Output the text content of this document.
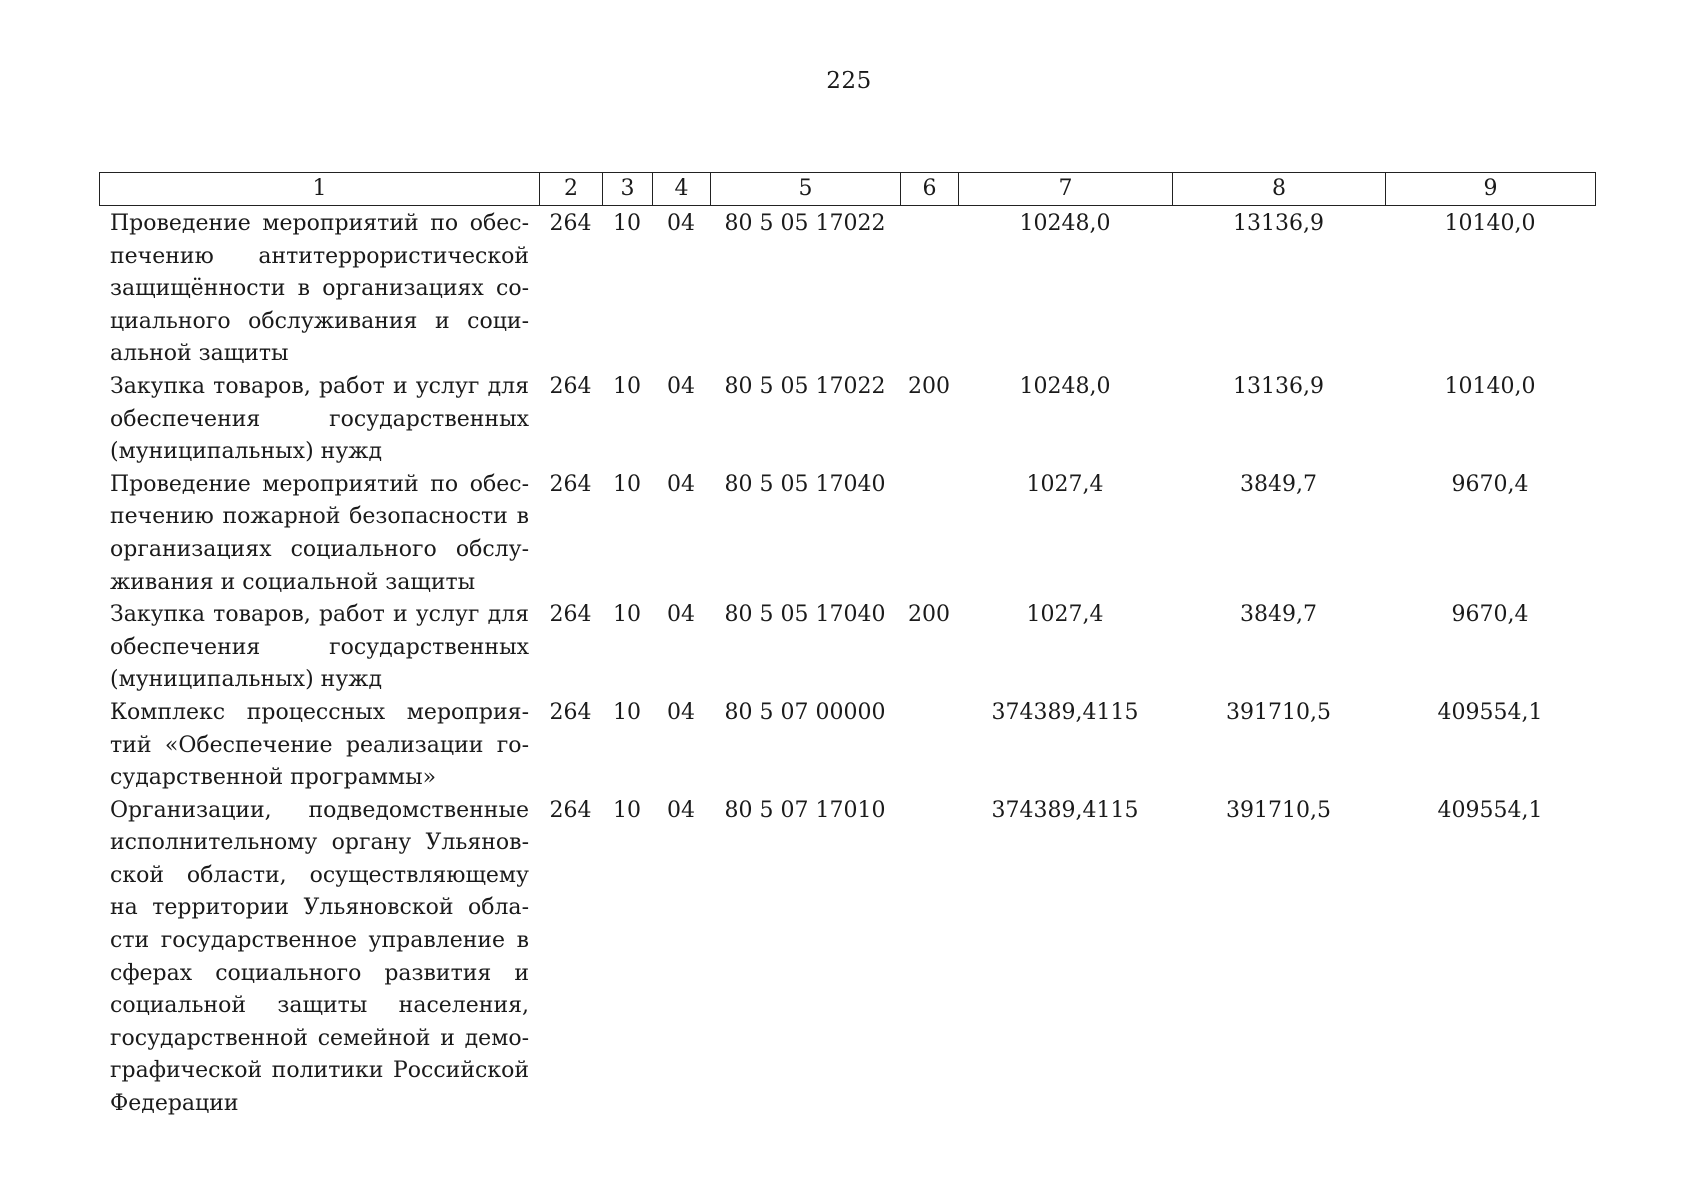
225
1	2	3	4	5	6	7	8	9
Проведение мероприятий по обеспечению антитеррористической защищённости в организациях социального обслуживания и социальной защиты	264	10	04	80 5 05 17022		10248,0	13136,9	10140,0
Закупка товаров, работ и услуг для обеспечения государственных (муниципальных) нужд	264	10	04	80 5 05 17022	200	10248,0	13136,9	10140,0
Проведение мероприятий по обеспечению пожарной безопасности в организациях социального обслуживания и социальной защиты	264	10	04	80 5 05 17040		1027,4	3849,7	9670,4
Закупка товаров, работ и услуг для обеспечения государственных (муниципальных) нужд	264	10	04	80 5 05 17040	200	1027,4	3849,7	9670,4
Комплекс процессных мероприятий «Обеспечение реализации государственной программы»	264	10	04	80 5 07 00000		374389,4115	391710,5	409554,1
Организации, подведомственные исполнительному органу Ульяновской области, осуществляющему на территории Ульяновской области государственное управление в сферах социального развития и социальной защиты населения, государственной семейной и демографической политики Российской Федерации	264	10	04	80 5 07 17010		374389,4115	391710,5	409554,1
